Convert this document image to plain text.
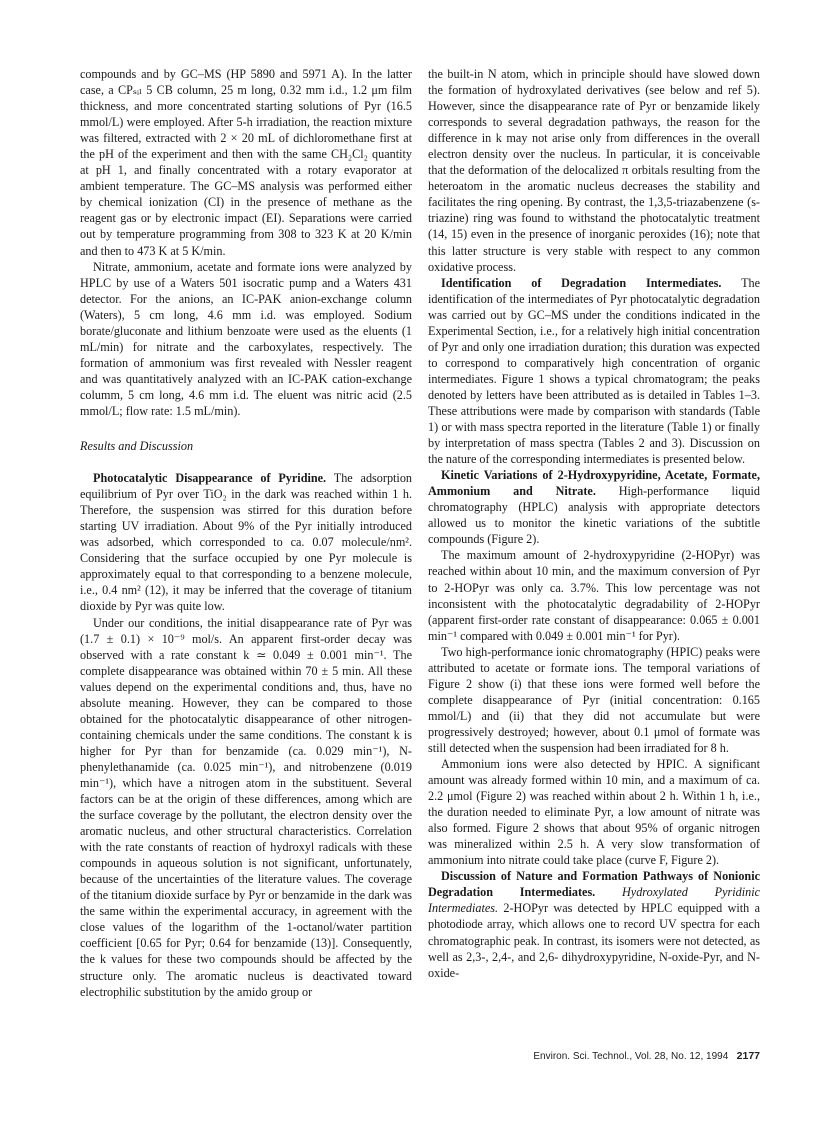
compounds and by GC–MS (HP 5890 and 5971 A). In the latter case, a CPₛᵢₗ 5 CB column, 25 m long, 0.32 mm i.d., 1.2 μm film thickness, and more concentrated starting solutions of Pyr (16.5 mmol/L) were employed. After 5-h irradiation, the reaction mixture was filtered, extracted with 2 × 20 mL of dichloromethane first at the pH of the experiment and then with the same CH₂Cl₂ quantity at pH 1, and finally concentrated with a rotary evaporator at ambient temperature. The GC–MS analysis was performed either by chemical ionization (CI) in the presence of methane as the reagent gas or by electronic impact (EI). Separations were carried out by temperature programming from 308 to 323 K at 20 K/min and then to 473 K at 5 K/min.

Nitrate, ammonium, acetate and formate ions were analyzed by HPLC by use of a Waters 501 isocratic pump and a Waters 431 detector. For the anions, an IC-PAK anion-exchange column (Waters), 5 cm long, 4.6 mm i.d. was employed. Sodium borate/gluconate and lithium benzoate were used as the eluents (1 mL/min) for nitrate and the carboxylates, respectively. The formation of ammonium was first revealed with Nessler reagent and was quantitatively analyzed with an IC-PAK cation-exchange columm, 5 cm long, 4.6 mm i.d. The eluent was nitric acid (2.5 mmol/L; flow rate: 1.5 mL/min).

Results and Discussion

Photocatalytic Disappearance of Pyridine. The adsorption equilibrium of Pyr over TiO₂ in the dark was reached within 1 h. Therefore, the suspension was stirred for this duration before starting UV irradiation. About 9% of the Pyr initially introduced was adsorbed, which corresponded to ca. 0.07 molecule/nm². Considering that the surface occupied by one Pyr molecule is approximately equal to that corresponding to a benzene molecule, i.e., 0.4 nm² (12), it may be inferred that the coverage of titanium dioxide by Pyr was quite low.

Under our conditions, the initial disappearance rate of Pyr was (1.7 ± 0.1) × 10⁻⁹ mol/s. An apparent first-order decay was observed with a rate constant k ≃ 0.049 ± 0.001 min⁻¹. The complete disappearance was obtained within 70 ± 5 min. All these values depend on the experimental conditions and, thus, have no absolute meaning. However, they can be compared to those obtained for the photocatalytic disappearance of other nitrogen-containing chemicals under the same conditions. The constant k is higher for Pyr than for benzamide (ca. 0.029 min⁻¹), N-phenylethanamide (ca. 0.025 min⁻¹), and nitrobenzene (0.019 min⁻¹), which have a nitrogen atom in the substituent. Several factors can be at the origin of these differences, among which are the surface coverage by the pollutant, the electron density over the aromatic nucleus, and other structural characteristics. Correlation with the rate constants of reaction of hydroxyl radicals with these compounds in aqueous solution is not significant, unfortunately, because of the uncertainties of the literature values. The coverage of the titanium dioxide surface by Pyr or benzamide in the dark was the same within the experimental accuracy, in agreement with the close values of the logarithm of the 1-octanol/water partition coefficient [0.65 for Pyr; 0.64 for benzamide (13)]. Consequently, the k values for these two compounds should be affected by the structure only. The aromatic nucleus is deactivated toward electrophilic substitution by the amido group or

the built-in N atom, which in principle should have slowed down the formation of hydroxylated derivatives (see below and ref 5). However, since the disappearance rate of Pyr or benzamide likely corresponds to several degradation pathways, the reason for the difference in k may not arise only from differences in the overall electron density over the nucleus. In particular, it is conceivable that the deformation of the delocalized π orbitals resulting from the heteroatom in the aromatic nucleus decreases the stability and facilitates the ring opening. By contrast, the 1,3,5-triazabenzene (s-triazine) ring was found to withstand the photocatalytic treatment (14, 15) even in the presence of inorganic peroxides (16); note that this latter structure is very stable with respect to any common oxidative process.

Identification of Degradation Intermediates. The identification of the intermediates of Pyr photocatalytic degradation was carried out by GC–MS under the conditions indicated in the Experimental Section, i.e., for a relatively high initial concentration of Pyr and only one irradiation duration; this duration was expected to correspond to comparatively high concentration of organic intermediates. Figure 1 shows a typical chromatogram; the peaks denoted by letters have been attributed as is detailed in Tables 1–3. These attributions were made by comparison with standards (Table 1) or with mass spectra reported in the literature (Table 1) or finally by interpretation of mass spectra (Tables 2 and 3). Discussion on the nature of the corresponding intermediates is presented below.

Kinetic Variations of 2-Hydroxypyridine, Acetate, Formate, Ammonium and Nitrate. High-performance liquid chromatography (HPLC) analysis with appropriate detectors allowed us to monitor the kinetic variations of the subtitle compounds (Figure 2).

The maximum amount of 2-hydroxypyridine (2-HOPyr) was reached within about 10 min, and the maximum conversion of Pyr to 2-HOPyr was only ca. 3.7%. This low percentage was not inconsistent with the photocatalytic degradability of 2-HOPyr (apparent first-order rate constant of disappearance: 0.065 ± 0.001 min⁻¹ compared with 0.049 ± 0.001 min⁻¹ for Pyr).

Two high-performance ionic chromatography (HPIC) peaks were attributed to acetate or formate ions. The temporal variations of Figure 2 show (i) that these ions were formed well before the complete disappearance of Pyr (initial concentration: 0.165 mmol/L) and (ii) that they did not accumulate but were progressively destroyed; however, about 0.1 μmol of formate was still detected when the suspension had been irradiated for 8 h.

Ammonium ions were also detected by HPIC. A significant amount was already formed within 10 min, and a maximum of ca. 2.2 μmol (Figure 2) was reached within about 2 h. Within 1 h, i.e., the duration needed to eliminate Pyr, a low amount of nitrate was also formed. Figure 2 shows that about 95% of organic nitrogen was mineralized within 2.5 h. A very slow transformation of ammonium into nitrate could take place (curve F, Figure 2).

Discussion of Nature and Formation Pathways of Nonionic Degradation Intermediates. Hydroxylated Pyridinic Intermediates. 2-HOPyr was detected by HPLC equipped with a photodiode array, which allows one to record UV spectra for each chromatographic peak. In contrast, its isomers were not detected, as well as 2,3-, 2,4-, and 2,6- dihydroxypyridine, N-oxide-Pyr, and N-oxide-

Environ. Sci. Technol., Vol. 28, No. 12, 1994 2177
